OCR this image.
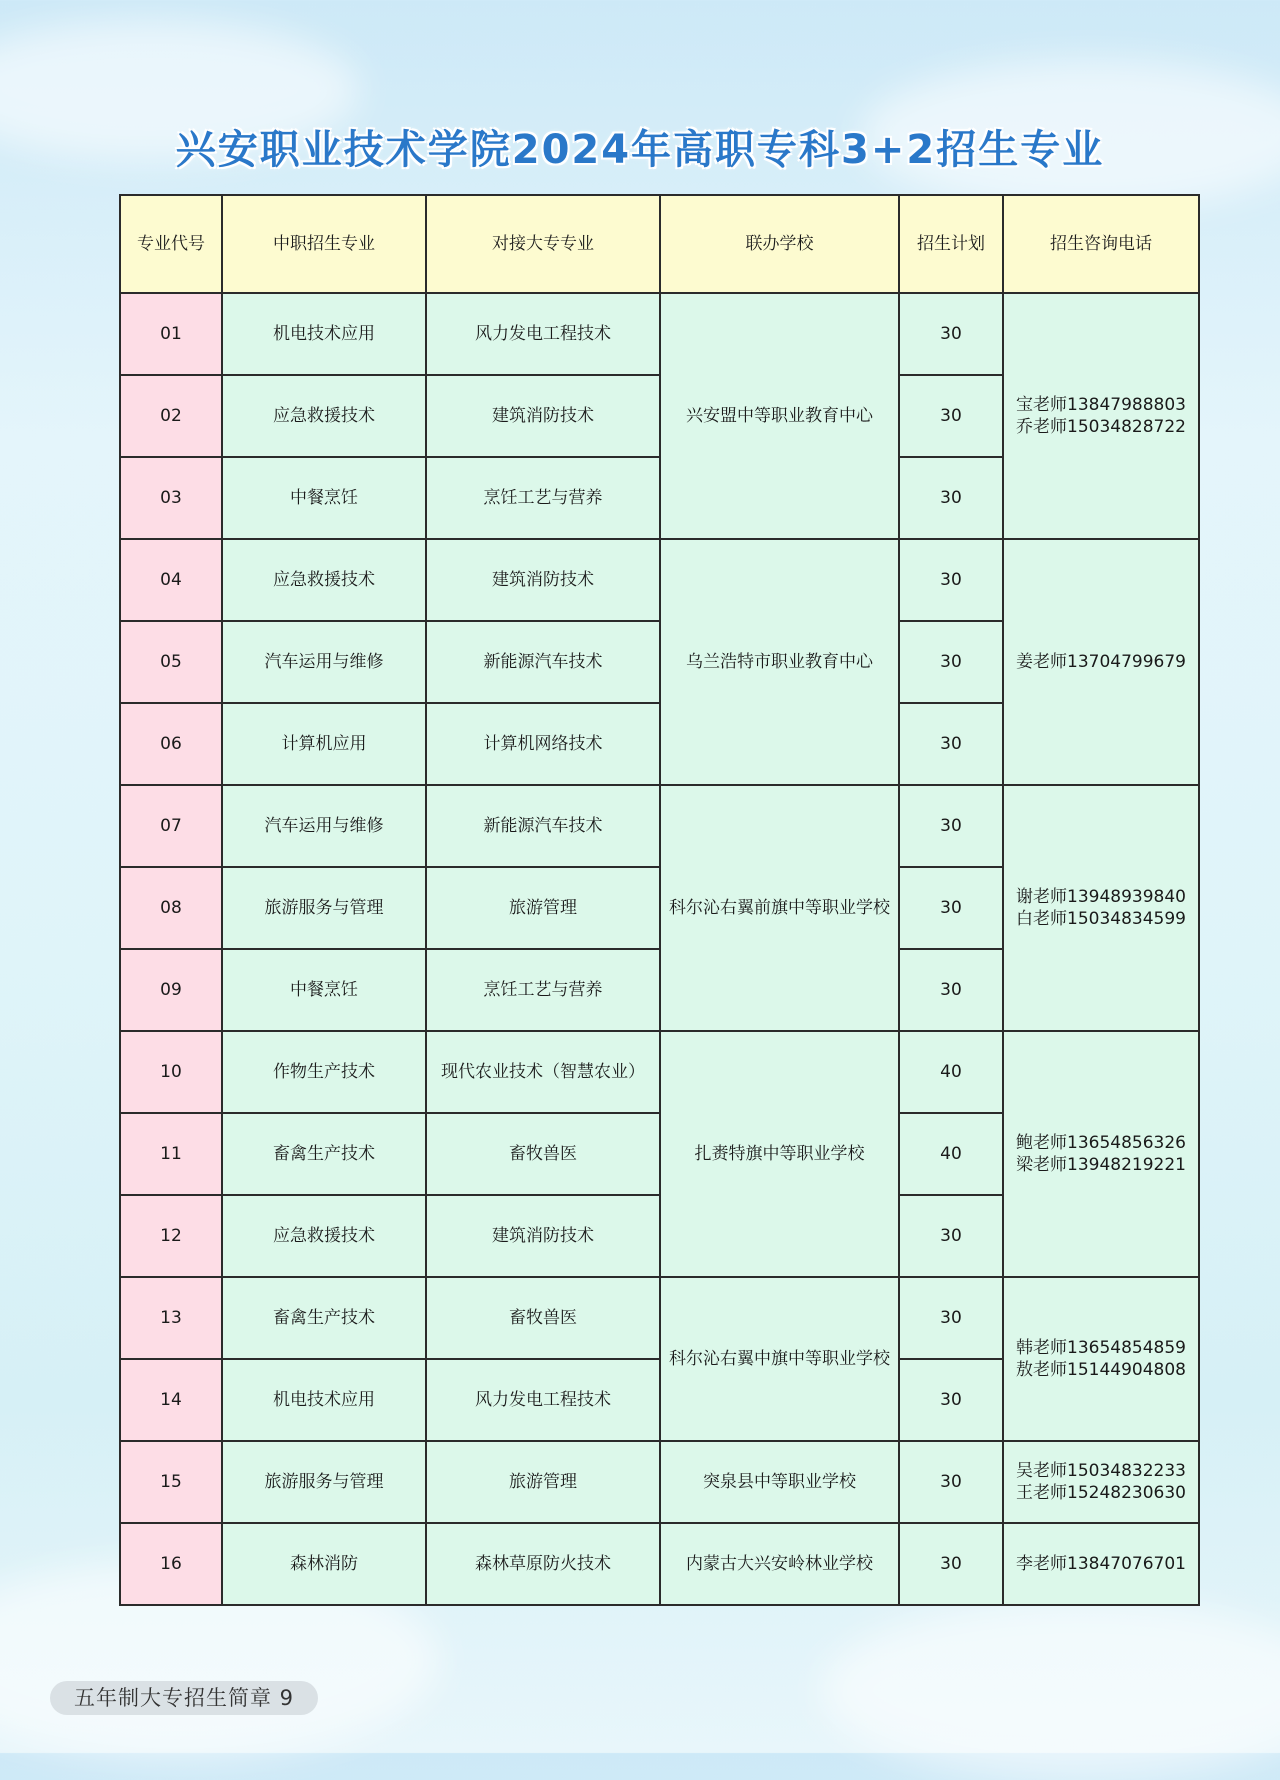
兴安职业技术学院2024年高职专科3+2招生专业
专业代号	中职招生专业	对接大专专业	联办学校	招生计划	招生咨询电话
01	机电技术应用	风力发电工程技术	兴安盟中等职业教育中心	30	宝老师13847988803
乔老师15034828722

02	应急救援技术	建筑消防技术		30	
03	中餐烹饪	烹饪工艺与营养		30	
04	应急救援技术	建筑消防技术	乌兰浩特市职业教育中心	30	姜老师13704799679

05	汽车运用与维修	新能源汽车技术		30	
06	计算机应用	计算机网络技术		30	
07	汽车运用与维修	新能源汽车技术	科尔沁右翼前旗中等职业学校	30	谢老师13948939840
白老师15034834599

08	旅游服务与管理	旅游管理		30	
09	中餐烹饪	烹饪工艺与营养		30	
10	作物生产技术	现代农业技术（智慧农业）	扎赉特旗中等职业学校	40	鲍老师13654856326
梁老师13948219221

11	畜禽生产技术	畜牧兽医		40	
12	应急救援技术	建筑消防技术		30	
13	畜禽生产技术	畜牧兽医	科尔沁右翼中旗中等职业学校	30	韩老师13654854859
敖老师15144904808

14	机电技术应用	风力发电工程技术		30	
15	旅游服务与管理	旅游管理	突泉县中等职业学校	30	吴老师15034832233
王老师15248230630

16	森林消防	森林草原防火技术	内蒙古大兴安岭林业学校	30	李老师13847076701
五年制大专招生简章 9
